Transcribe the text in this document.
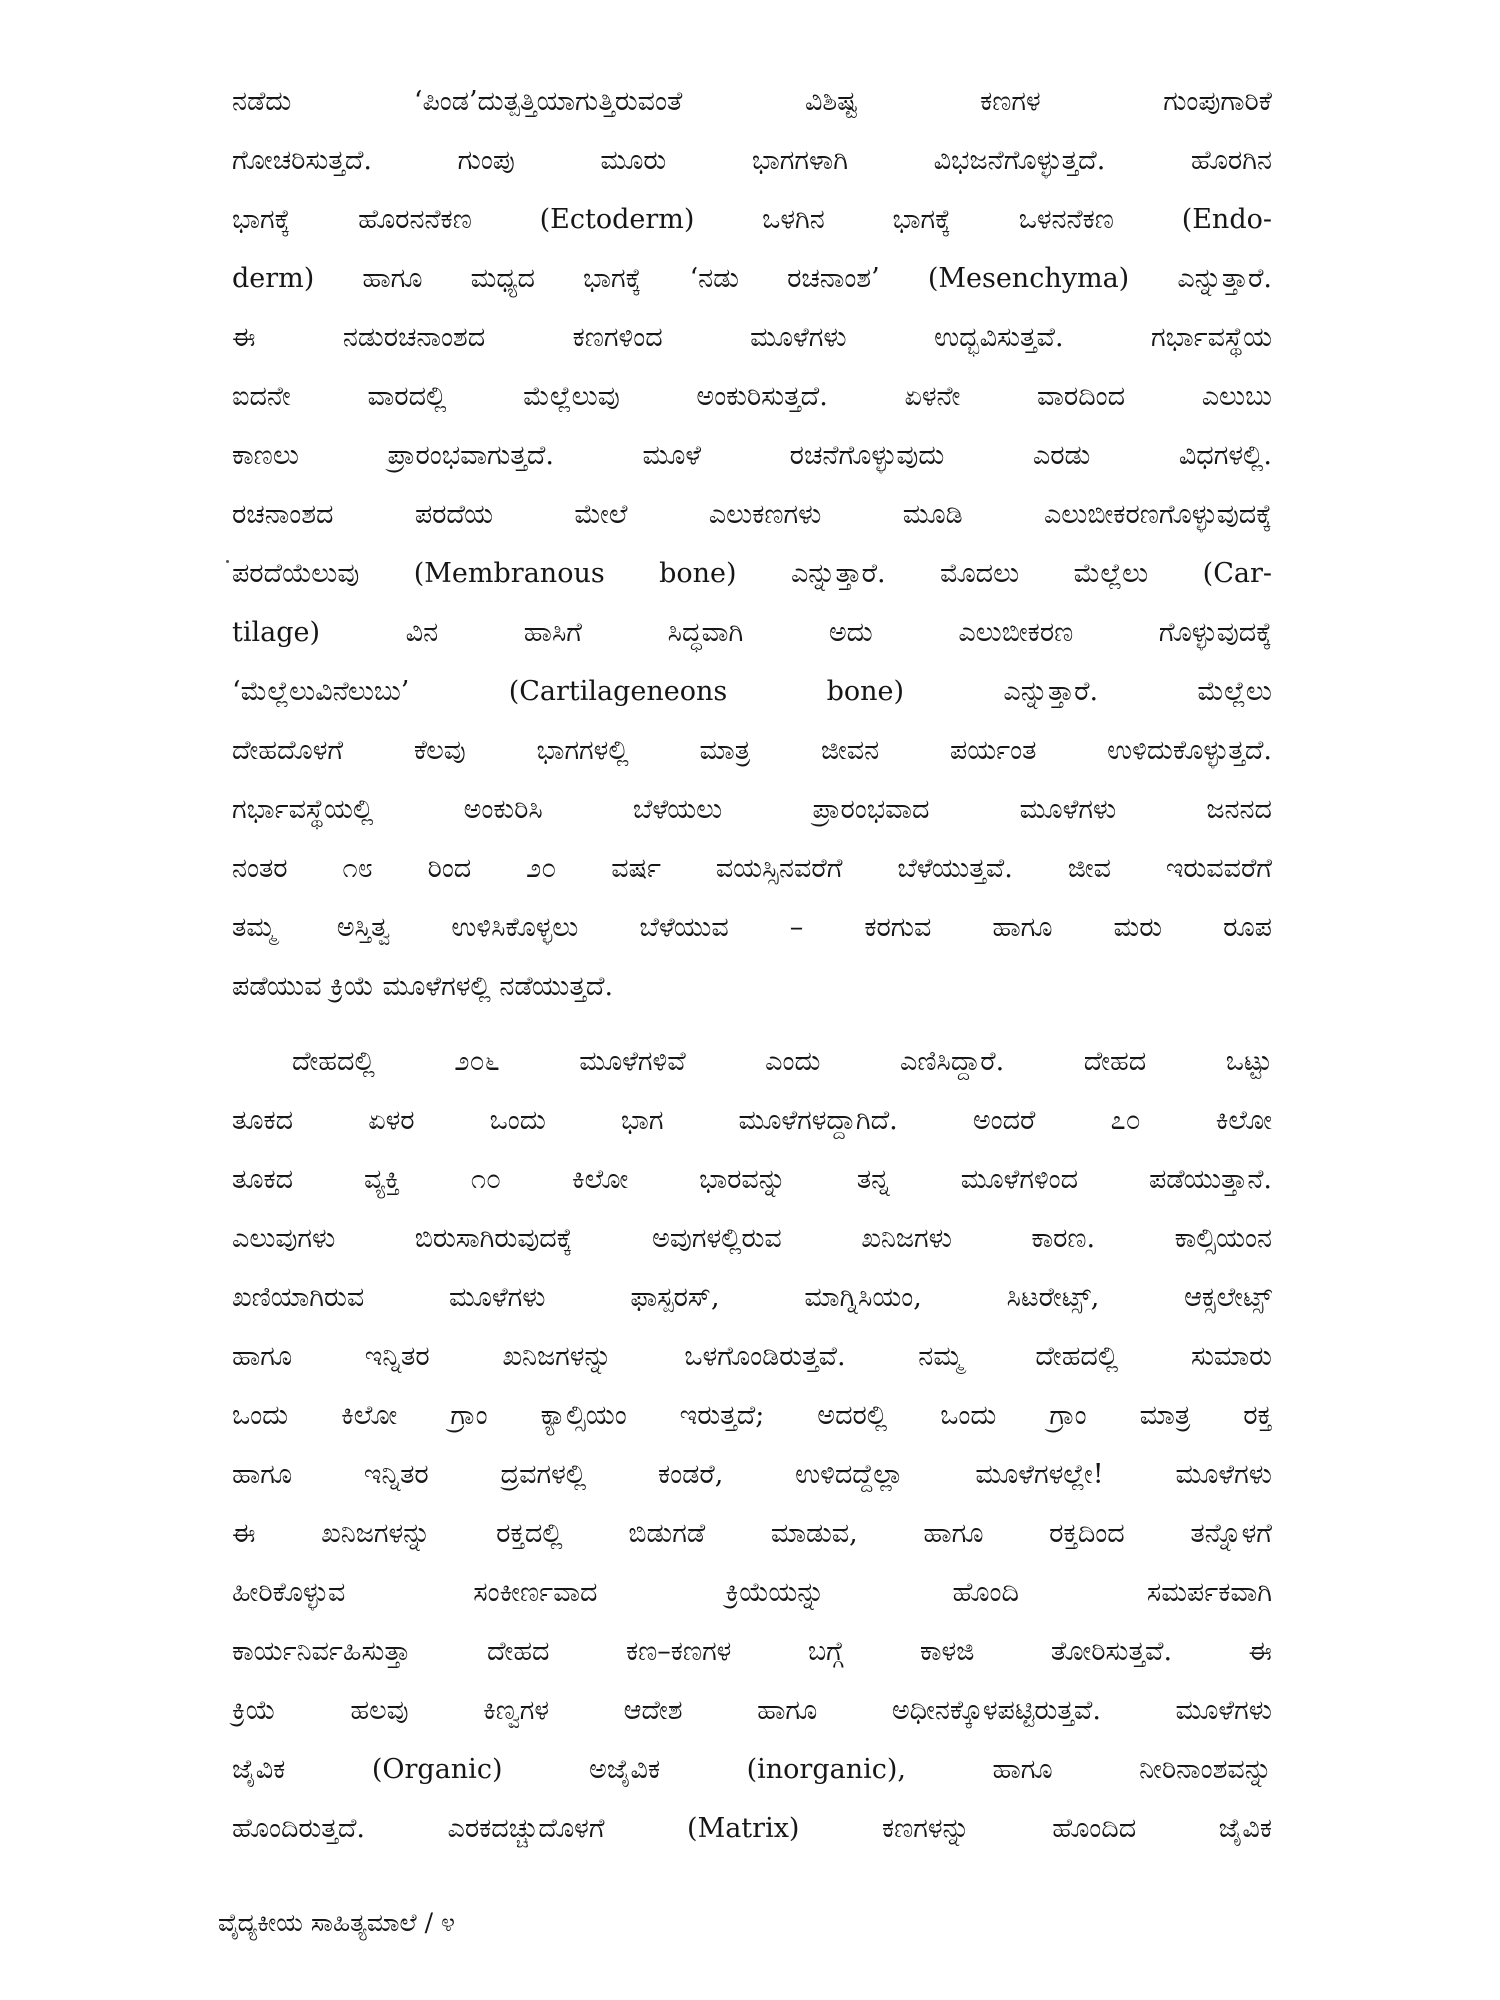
ನಡೆದು ‘ಪಿಂಡ’ದುತ್ಪತ್ತಿಯಾಗುತ್ತಿರುವಂತೆ ವಿಶಿಷ್ಟ ಕಣಗಳ ಗುಂಪುಗಾರಿಕೆ
ಗೋಚರಿಸುತ್ತದೆ. ಗುಂಪು ಮೂರು ಭಾಗಗಳಾಗಿ ವಿಭಜನೆಗೊಳ್ಳುತ್ತದೆ. ಹೊರಗಿನ
ಭಾಗಕ್ಕೆ ಹೊರನನೆಕಣ (Ectoderm) ಒಳಗಿನ ಭಾಗಕ್ಕೆ ಒಳನನೆಕಣ (Endo-
derm) ಹಾಗೂ ಮಧ್ಯದ ಭಾಗಕ್ಕೆ ‘ನಡು ರಚನಾಂಶ’ (Mesenchyma) ಎನ್ನುತ್ತಾರೆ.
ಈ ನಡುರಚನಾಂಶದ ಕಣಗಳಿಂದ ಮೂಳೆಗಳು ಉದ್ಭವಿಸುತ್ತವೆ. ಗರ್ಭಾವಸ್ಥೆಯ
ಐದನೇ ವಾರದಲ್ಲಿ ಮೆಲ್ಲೆಲುವು ಅಂಕುರಿಸುತ್ತದೆ. ಏಳನೇ ವಾರದಿಂದ ಎಲುಬು
ಕಾಣಲು ಪ್ರಾರಂಭವಾಗುತ್ತದೆ. ಮೂಳೆ ರಚನೆಗೊಳ್ಳುವುದು ಎರಡು ವಿಧಗಳಲ್ಲಿ.
ರಚನಾಂಶದ ಪರದೆಯ ಮೇಲೆ ಎಲುಕಣಗಳು ಮೂಡಿ ಎಲುಬೀಕರಣಗೊಳ್ಳುವುದಕ್ಕೆ
ಪರದೆಯೆಲುವು (Membranous bone) ಎನ್ನುತ್ತಾರೆ. ಮೊದಲು ಮೆಲ್ಲೆಲು (Car-
tilage) ವಿನ ಹಾಸಿಗೆ ಸಿದ್ಧವಾಗಿ ಅದು ಎಲುಬೀಕರಣ ಗೊಳ್ಳುವುದಕ್ಕೆ
‘ಮೆಲ್ಲೆಲುವಿನೆಲುಬು’ (Cartilageneons bone) ಎನ್ನುತ್ತಾರೆ. ಮೆಲ್ಲೆಲು
ದೇಹದೊಳಗೆ ಕೆಲವು ಭಾಗಗಳಲ್ಲಿ ಮಾತ್ರ ಜೀವನ ಪರ್ಯಂತ ಉಳಿದುಕೊಳ್ಳುತ್ತದೆ.
ಗರ್ಭಾವಸ್ಥೆಯಲ್ಲಿ ಅಂಕುರಿಸಿ ಬೆಳೆಯಲು ಪ್ರಾರಂಭವಾದ ಮೂಳೆಗಳು ಜನನದ
ನಂತರ ೧೮ ರಿಂದ ೨೦ ವರ್ಷ ವಯಸ್ಸಿನವರೆಗೆ ಬೆಳೆಯುತ್ತವೆ. ಜೀವ ಇರುವವರೆಗೆ
ತಮ್ಮ ಅಸ್ತಿತ್ವ ಉಳಿಸಿಕೊಳ್ಳಲು ಬೆಳೆಯುವ – ಕರಗುವ ಹಾಗೂ ಮರು ರೂಪ
ಪಡೆಯುವ ಕ್ರಿಯೆ ಮೂಳೆಗಳಲ್ಲಿ ನಡೆಯುತ್ತದೆ.
ದೇಹದಲ್ಲಿ ೨೦೬ ಮೂಳೆಗಳಿವೆ ಎಂದು ಎಣಿಸಿದ್ದಾರೆ. ದೇಹದ ಒಟ್ಟು
ತೂಕದ ಏಳರ ಒಂದು ಭಾಗ ಮೂಳೆಗಳದ್ದಾಗಿದೆ. ಅಂದರೆ ೭೦ ಕಿಲೋ
ತೂಕದ ವ್ಯಕ್ತಿ ೧೦ ಕಿಲೋ ಭಾರವನ್ನು ತನ್ನ ಮೂಳೆಗಳಿಂದ ಪಡೆಯುತ್ತಾನೆ.
ಎಲುವುಗಳು ಬಿರುಸಾಗಿರುವುದಕ್ಕೆ ಅವುಗಳಲ್ಲಿರುವ ಖನಿಜಗಳು ಕಾರಣ. ಕಾಲ್ಸಿಯಂನ
ಖಣಿಯಾಗಿರುವ ಮೂಳೆಗಳು ಫಾಸ್ಪರಸ್, ಮಾಗ್ನಿಸಿಯಂ, ಸಿಟರೇಟ್ಸ್, ಆಕ್ಸಲೇಟ್ಸ್
ಹಾಗೂ ಇನ್ನಿತರ ಖನಿಜಗಳನ್ನು ಒಳಗೊಂಡಿರುತ್ತವೆ. ನಮ್ಮ ದೇಹದಲ್ಲಿ ಸುಮಾರು
ಒಂದು ಕಿಲೋ ಗ್ರಾಂ ಕ್ಯಾಲ್ಸಿಯಂ ಇರುತ್ತದೆ; ಅದರಲ್ಲಿ ಒಂದು ಗ್ರಾಂ ಮಾತ್ರ ರಕ್ತ
ಹಾಗೂ ಇನ್ನಿತರ ದ್ರವಗಳಲ್ಲಿ ಕಂಡರೆ, ಉಳಿದದ್ದೆಲ್ಲಾ ಮೂಳೆಗಳಲ್ಲೇ! ಮೂಳೆಗಳು
ಈ ಖನಿಜಗಳನ್ನು ರಕ್ತದಲ್ಲಿ ಬಿಡುಗಡೆ ಮಾಡುವ, ಹಾಗೂ ರಕ್ತದಿಂದ ತನ್ನೊಳಗೆ
ಹೀರಿಕೊಳ್ಳುವ ಸಂಕೀರ್ಣವಾದ ಕ್ರಿಯೆಯನ್ನು ಹೊಂದಿ ಸಮರ್ಪಕವಾಗಿ
ಕಾರ್ಯನಿರ್ವಹಿಸುತ್ತಾ ದೇಹದ ಕಣ–ಕಣಗಳ ಬಗ್ಗೆ ಕಾಳಜಿ ತೋರಿಸುತ್ತವೆ. ಈ
ಕ್ರಿಯೆ ಹಲವು ಕಿಣ್ವಗಳ ಆದೇಶ ಹಾಗೂ ಅಧೀನಕ್ಕೊಳಪಟ್ಟಿರುತ್ತವೆ. ಮೂಳೆಗಳು
ಜೈವಿಕ (Organic) ಅಜೈವಿಕ (inorganic), ಹಾಗೂ ನೀರಿನಾಂಶವನ್ನು
ಹೊಂದಿರುತ್ತದೆ. ಎರಕದಚ್ಚುದೊಳಗೆ (Matrix) ಕಣಗಳನ್ನು ಹೊಂದಿದ ಜೈವಿಕ
ವೈದ್ಯಕೀಯ ಸಾಹಿತ್ಯಮಾಲೆ / ೪
